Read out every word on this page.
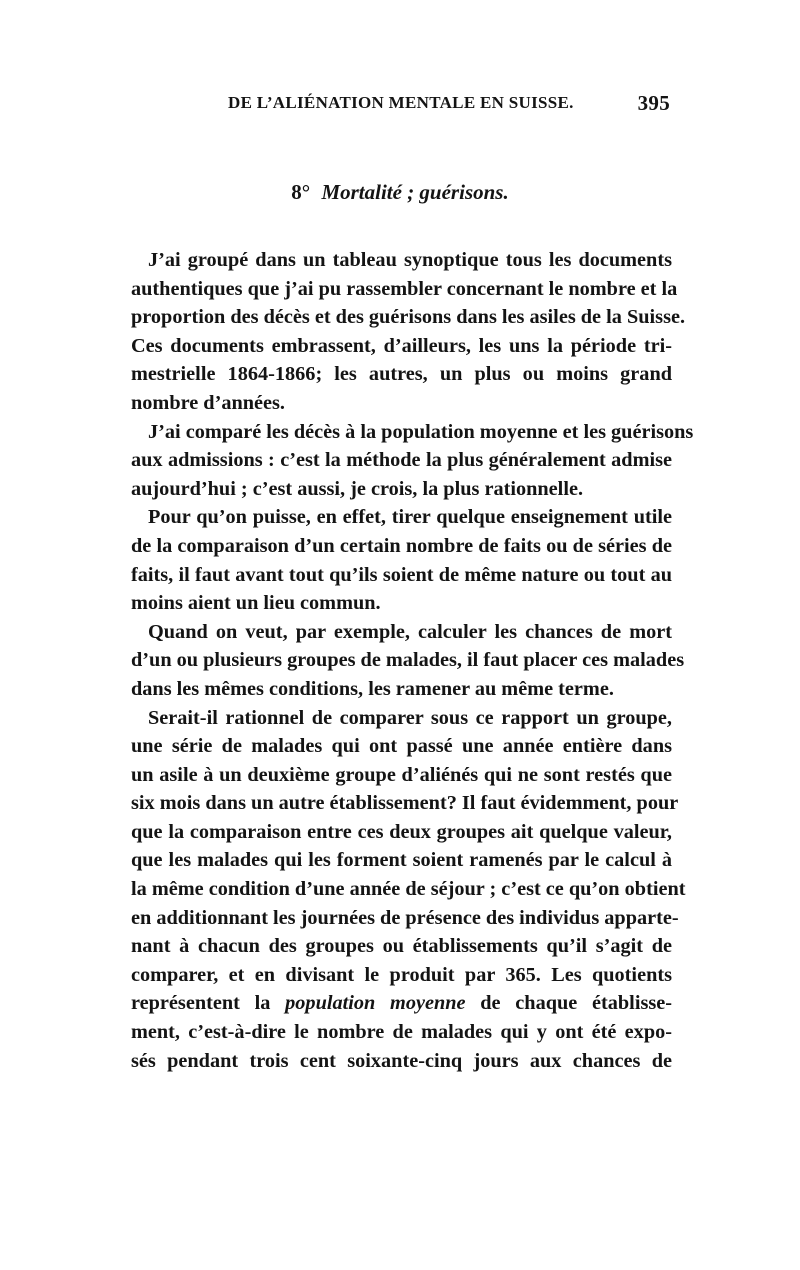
DE L’ALIÉNATION MENTALE EN SUISSE.	395
8° Mortalité ; guérisons.
J’ai groupé dans un tableau synoptique tous les documents
authentiques que j’ai pu rassembler concernant le nombre et la
proportion des décès et des guérisons dans les asiles de la Suisse.
Ces documents embrassent, d’ailleurs, les uns la période tri-
mestrielle 1864-1866; les autres, un plus ou moins grand
nombre d’années.
J’ai comparé les décès à la population moyenne et les guérisons
aux admissions : c’est la méthode la plus généralement admise
aujourd’hui ; c’est aussi, je crois, la plus rationnelle.
Pour qu’on puisse, en effet, tirer quelque enseignement utile
de la comparaison d’un certain nombre de faits ou de séries de
faits, il faut avant tout qu’ils soient de même nature ou tout au
moins aient un lieu commun.
Quand on veut, par exemple, calculer les chances de mort
d’un ou plusieurs groupes de malades, il faut placer ces malades
dans les mêmes conditions, les ramener au même terme.
Serait-il rationnel de comparer sous ce rapport un groupe,
une série de malades qui ont passé une année entière dans
un asile à un deuxième groupe d’aliénés qui ne sont restés que
six mois dans un autre établissement? Il faut évidemment, pour
que la comparaison entre ces deux groupes ait quelque valeur,
que les malades qui les forment soient ramenés par le calcul à
la même condition d’une année de séjour ; c’est ce qu’on obtient
en additionnant les journées de présence des individus apparte-
nant à chacun des groupes ou établissements qu’il s’agit de
comparer, et en divisant le produit par 365. Les quotients
représentent la population moyenne de chaque établisse-
ment, c’est-à-dire le nombre de malades qui y ont été expo-
sés pendant trois cent soixante-cinq jours aux chances de
